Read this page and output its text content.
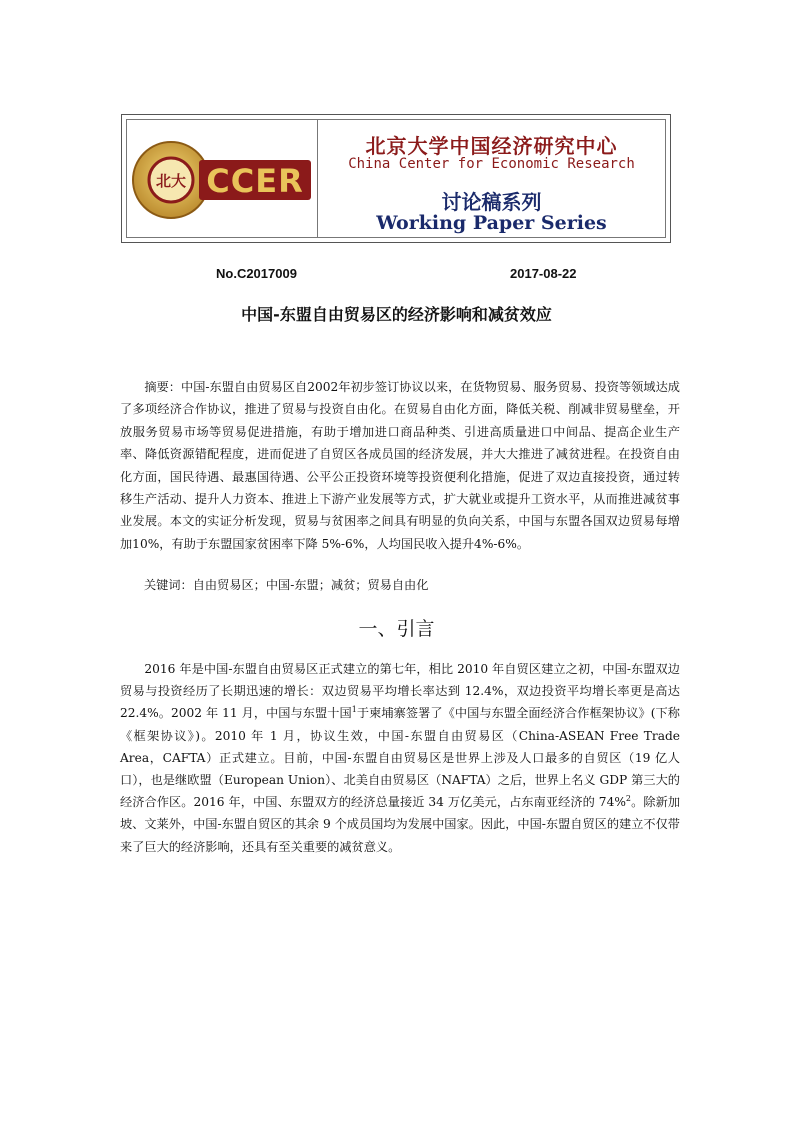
北大 CCER
北京大学中国经济研究中心
China Center for Economic Research
讨论稿系列
Working Paper Series
No.C2017009	2017-08-22
中国-东盟自由贸易区的经济影响和减贫效应

摘要：中国-东盟自由贸易区自2002年初步签订协议以来，在货物贸易、服务贸易、投资等领域达成了多项经济合作协议，推进了贸易与投资自由化。在贸易自由化方面，降低关税、削减非贸易壁垒，开放服务贸易市场等贸易促进措施，有助于增加进口商品种类、引进高质量进口中间品、提高企业生产率、降低资源错配程度，进而促进了自贸区各成员国的经济发展，并大大推进了减贫进程。在投资自由化方面，国民待遇、最惠国待遇、公平公正投资环境等投资便利化措施，促进了双边直接投资，通过转移生产活动、提升人力资本、推进上下游产业发展等方式，扩大就业或提升工资水平，从而推进减贫事业发展。本文的实证分析发现，贸易与贫困率之间具有明显的负向关系，中国与东盟各国双边贸易每增加10%，有助于东盟国家贫困率下降 5%-6%，人均国民收入提升4%-6%。

关键词：自由贸易区；中国-东盟；减贫；贸易自由化
一、引言

2016 年是中国-东盟自由贸易区正式建立的第七年，相比 2010 年自贸区建立之初，中国-东盟双边贸易与投资经历了长期迅速的增长：双边贸易平均增长率达到 12.4%，双边投资平均增长率更是高达 22.4%。2002 年 11 月，中国与东盟十国$^1$于柬埔寨签署了《中国与东盟全面经济合作框架协议》(下称《框架协议》)。2010 年 1 月，协议生效，中国-东盟自由贸易区（China-ASEAN Free Trade Area，CAFTA）正式建立。目前，中国-东盟自由贸易区是世界上涉及人口最多的自贸区（19 亿人口），也是继欧盟（European Union）、北美自由贸易区（NAFTA）之后，世界上名义 GDP 第三大的经济合作区。2016 年，中国、东盟双方的经济总量接近 34 万亿美元，占东南亚经济的 74%$^2$。除新加坡、文莱外，中国-东盟自贸区的其余 9 个成员国均为发展中国家。因此，中国-东盟自贸区的建立不仅带来了巨大的经济影响，还具有至关重要的减贫意义。
